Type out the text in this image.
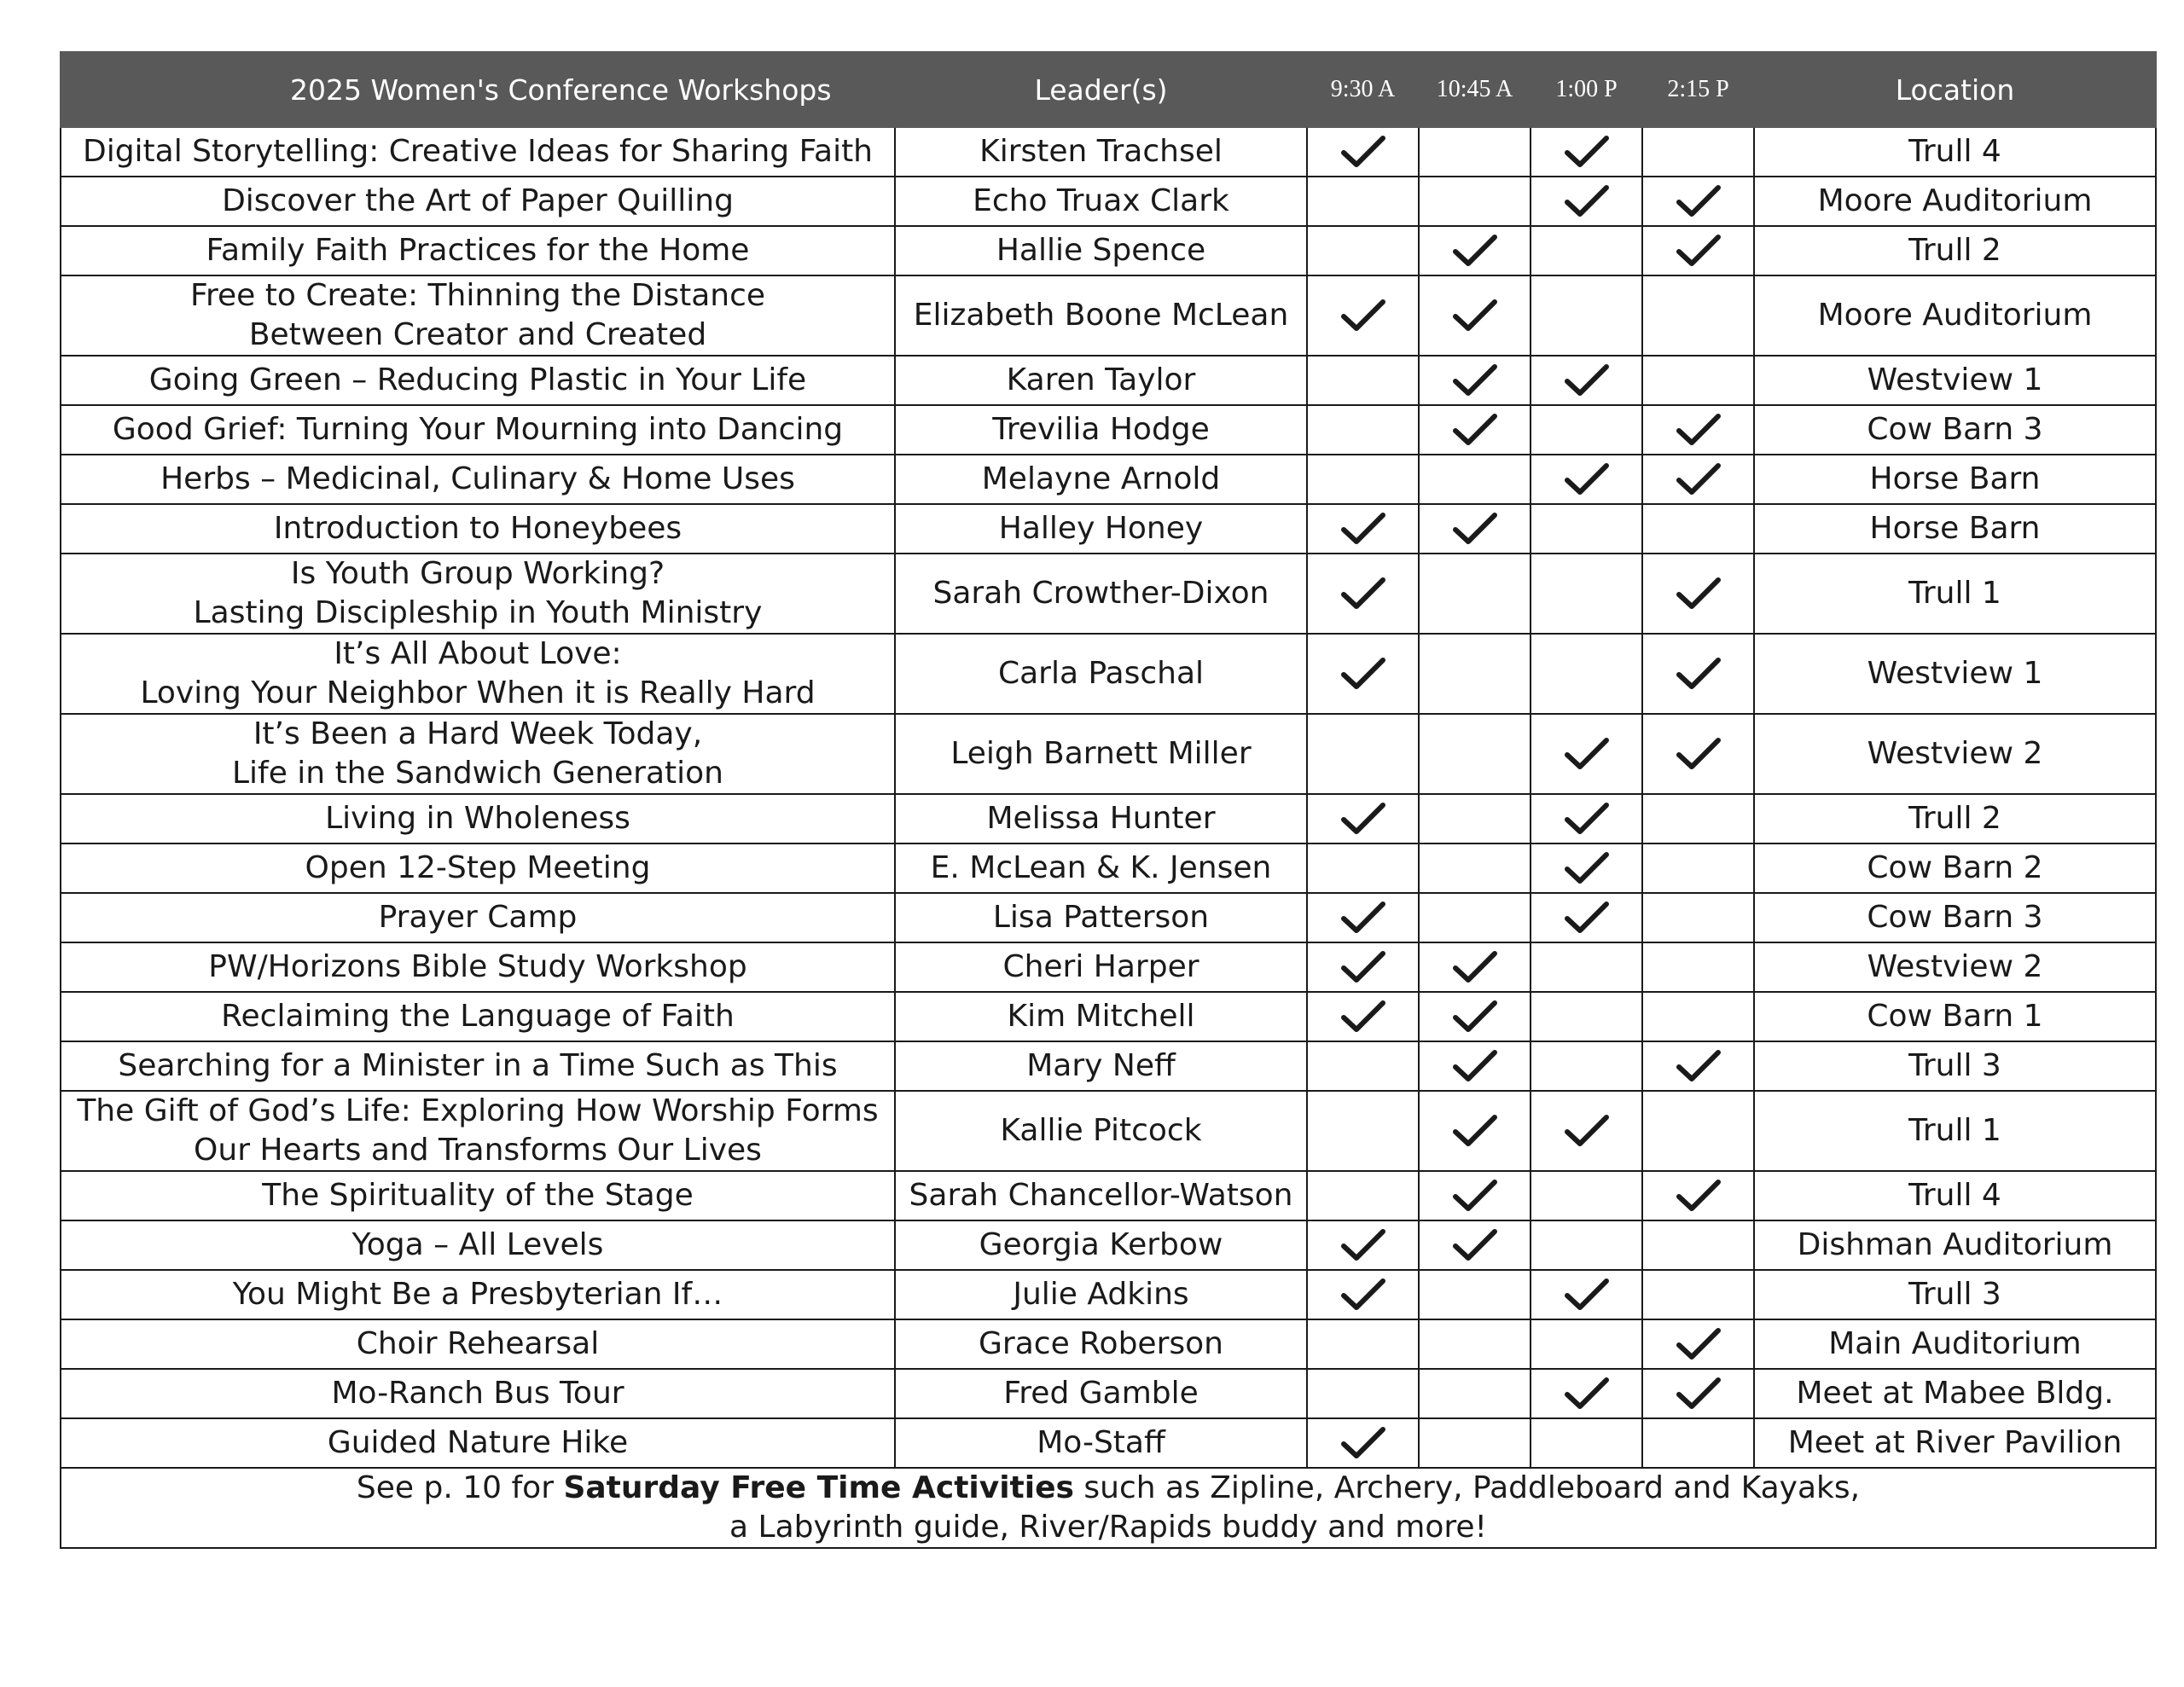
2025 Women's Conference Workshops	Leader(s)	9:30 A	10:45 A	1:00 P	2:15 P	Location
Digital Storytelling: Creative Ideas for Sharing Faith	Kirsten Trachsel					Trull 4
Discover the Art of Paper Quilling	Echo Truax Clark					Moore Auditorium
Family Faith Practices for the Home	Hallie Spence					Trull 2

Free to Create: Thinning the Distance
Between Creator and Created	Elizabeth Boone McLean					Moore Auditorium
Going Green – Reducing Plastic in Your Life	Karen Taylor					Westview 1
Good Grief: Turning Your Mourning into Dancing	Trevilia Hodge					Cow Barn 3
Herbs – Medicinal, Culinary & Home Uses	Melayne Arnold					Horse Barn
Introduction to Honeybees	Halley Honey					Horse Barn

Is Youth Group Working?
Lasting Discipleship in Youth Ministry	Sarah Crowther-Dixon					Trull 1

It’s All About Love:
Loving Your Neighbor When it is Really Hard	Carla Paschal					Westview 1

It’s Been a Hard Week Today,
Life in the Sandwich Generation	Leigh Barnett Miller					Westview 2
Living in Wholeness	Melissa Hunter					Trull 2
Open 12-Step Meeting	E. McLean & K. Jensen					Cow Barn 2
Prayer Camp	Lisa Patterson					Cow Barn 3
PW/Horizons Bible Study Workshop	Cheri Harper					Westview 2
Reclaiming the Language of Faith	Kim Mitchell					Cow Barn 1
Searching for a Minister in a Time Such as This	Mary Neff					Trull 3

The Gift of God’s Life: Exploring How Worship Forms
Our Hearts and Transforms Our Lives	Kallie Pitcock					Trull 1
The Spirituality of the Stage	Sarah Chancellor-Watson					Trull 4
Yoga – All Levels	Georgia Kerbow					Dishman Auditorium
You Might Be a Presbyterian If…	Julie Adkins					Trull 3
Choir Rehearsal	Grace Roberson					Main Auditorium
Mo-Ranch Bus Tour	Fred Gamble					Meet at Mabee Bldg.
Guided Nature Hike	Mo-Staff					Meet at River Pavilion
See p. 10 for Saturday Free Time Activities such as Zipline, Archery, Paddleboard and Kayaks,
a Labyrinth guide, River/Rapids buddy and more!						
